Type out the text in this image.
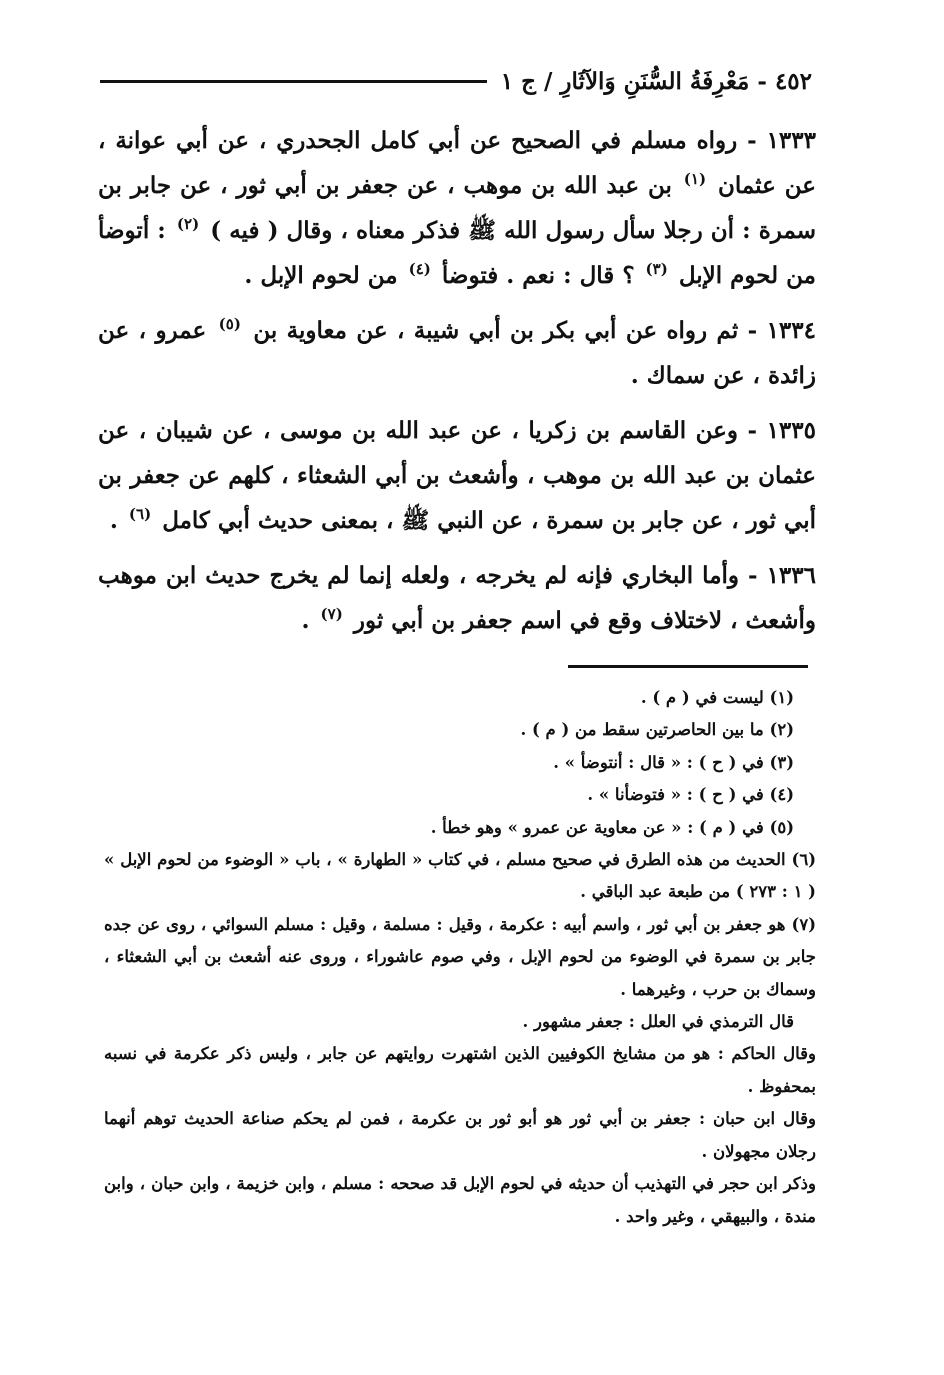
٤٥٢ - مَعْرِفَةُ السُّنَنِ وَالآثَارِ / ج ١

١٣٣٣ - رواه مسلم في الصحيح عن أبي كامل الجحدري ، عن أبي عوانة ، عن عثمان $^{(١)}$ بن عبد الله بن موهب ، عن جعفر بن أبي ثور ، عن جابر بن سمرة : أن رجلا سأل رسول الله ﷺ فذكر معناه ، وقال ( فيه ) $^{(٢)}$ : أتوضأ من لحوم الإبل $^{(٣)}$ ؟ قال : نعم . فتوضأ $^{(٤)}$ من لحوم الإبل .

١٣٣٤ - ثم رواه عن أبي بكر بن أبي شيبة ، عن معاوية بن $^{(٥)}$ عمرو ، عن زائدة ، عن سماك .

١٣٣٥ - وعن القاسم بن زكريا ، عن عبد الله بن موسى ، عن شيبان ، عن عثمان بن عبد الله بن موهب ، وأشعث بن أبي الشعثاء ، كلهم عن جعفر بن أبي ثور ، عن جابر بن سمرة ، عن النبي ﷺ ، بمعنى حديث أبي كامل $^{(٦)}$ .

١٣٣٦ - وأما البخاري فإنه لم يخرجه ، ولعله إنما لم يخرج حديث ابن موهب وأشعث ، لاختلاف وقع في اسم جعفر بن أبي ثور $^{(٧)}$ .

(١) ليست في ( م ) .

(٢) ما بين الحاصرتين سقط من ( م ) .

(٣) في ( ح ) : « قال : أنتوضأ » .

(٤) في ( ح ) : « فتوضأنا » .

(٥) في ( م ) : « عن معاوية عن عمرو » وهو خطأ .

(٦) الحديث من هذه الطرق في صحيح مسلم ، في كتاب « الطهارة » ، باب « الوضوء من لحوم الإبل » ( ١ : ٢٧٣ ) من طبعة عبد الباقي .

(٧) هو جعفر بن أبي ثور ، واسم أبيه : عكرمة ، وقيل : مسلمة ، وقيل : مسلم السوائي ، روى عن جده جابر بن سمرة في الوضوء من لحوم الإبل ، وفي صوم عاشوراء ، وروى عنه أشعث بن أبي الشعثاء ، وسماك بن حرب ، وغيرهما .

قال الترمذي في العلل : جعفر مشهور .

وقال الحاكم : هو من مشايخ الكوفيين الذين اشتهرت روايتهم عن جابر ، وليس ذكر عكرمة في نسبه بمحفوظ .

وقال ابن حبان : جعفر بن أبي ثور هو أبو ثور بن عكرمة ، فمن لم يحكم صناعة الحديث توهم أنهما رجلان مجهولان .

وذكر ابن حجر في التهذيب أن حديثه في لحوم الإبل قد صححه : مسلم ، وابن خزيمة ، وابن حبان ، وابن مندة ، والبيهقي ، وغير واحد .
